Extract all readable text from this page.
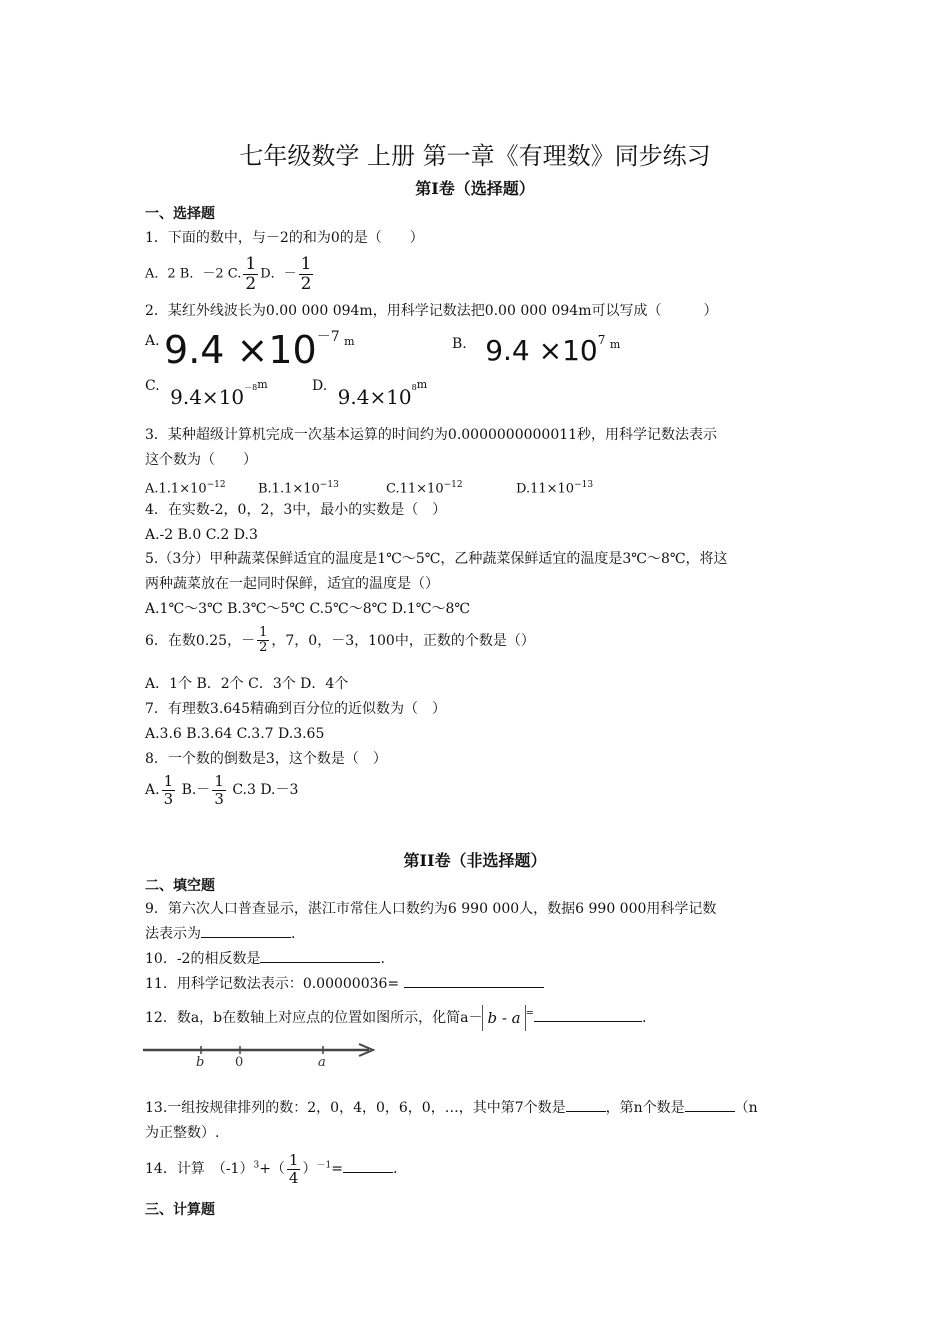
七年级数学 上册 第一章《有理数》同步练习
第Ⅰ卷（选择题）
一、选择题
1．下面的数中，与－2的和为0的是（　　）
A．2 B．－2 C. $\frac{1}{2}$ D．－ $\frac{1}{2}$
2．某红外线波长为0.00 000 094m，用科学记数法把0.00 000 094m可以写成（　　　）
A. $9.4 \times 10^{-7}$ $^m$	B. $9.4 \times 10^7$ $^m$
C. $9.4\times 10^{-8m}$	D. $9.4\times 10^{8m}$
3．某种超级计算机完成一次基本运算的时间约为0.0000000000011秒，用科学记数法表示
这个数为（　　）
$A.1.1\times 10^{-12}$ $B.1.1\times 10^{-13}$	$C.11\times 10^{-12}$	$D.11\times 10^{-13}$
4．在实数-2，0，2，3中，最小的实数是（　）
A.-2 B.0 C.2 D.3
5.（3分）甲种蔬菜保鲜适宜的温度是1℃～5℃，乙种蔬菜保鲜适宜的温度是3℃～8℃，将这
两种蔬菜放在一起同时保鲜，适宜的温度是（）
A.1℃～3℃ B.3℃～5℃ C.5℃～8℃ D.1℃～8℃
6．在数0.25，－ $\frac{1}{2}$ ，7，0，－3，100中，正数的个数是（）
A．1个 B．2个 C．3个 D．4个
7．有理数3.645精确到百分位的近似数为（　）
A.3.6 B.3.64 C.3.7 D.3.65
8．一个数的倒数是3，这个数是（　）
A. $\frac{1}{3} B.- \frac{1}{3} C.3$ D.－3
第II卷（非选择题）
二、填空题
9．第六次人口普查显示，湛江市常住人口数约为6 990 000人，数据6 990 000用科学记数
法表示为	.
10．-2的相反数是	.
11．用科学记数法表示：0.00000036=
12．数a，b在数轴上对应点的位置如图所示，化简a－ b - a =	.
b 0	a
13.一组按规律排列的数：2，0，4，0，6，0，…，其中第7个数是	，第n个数是	（n
为正整数）.
14．计算　$(-1)^3+( \frac{1}{4} )^{-1}=$	.
三、计算题
